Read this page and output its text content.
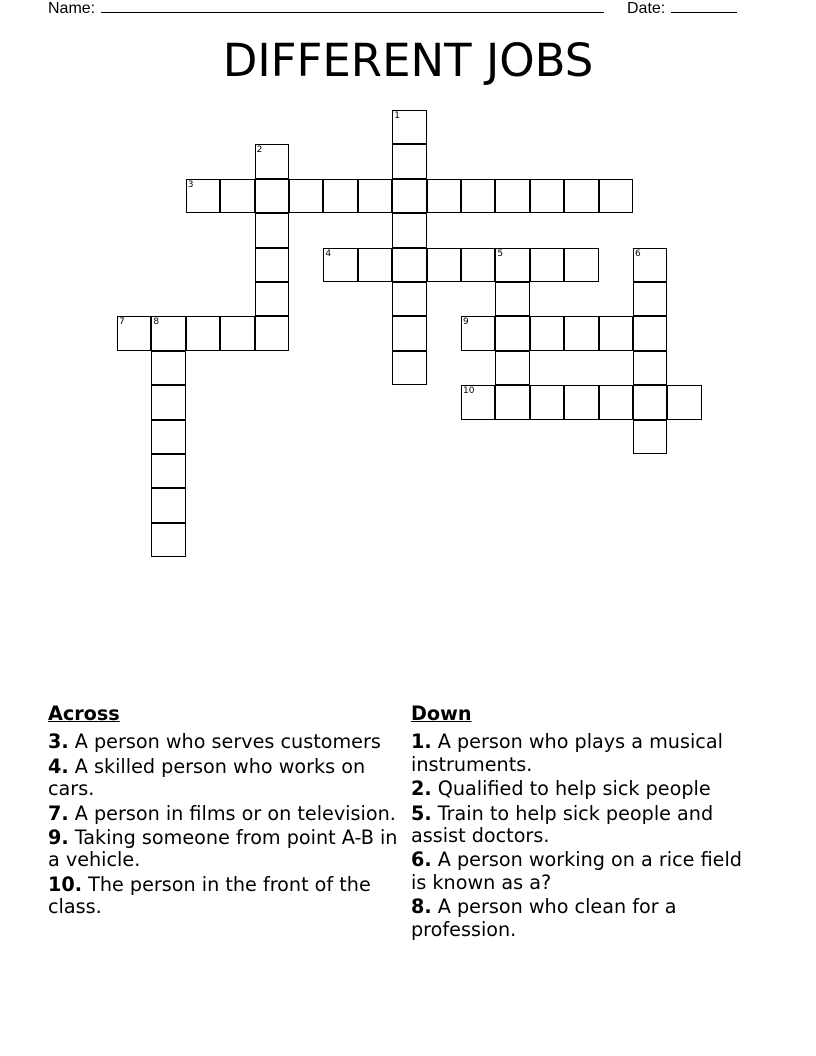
Name:	Date:
DIFFERENT JOBS
1
2
3
4	5	6
7	8	9
10
Across
3. A person who serves customers
4. A skilled person who works on cars.
7. A person in films or on television.
9. Taking someone from point A-B in a vehicle.
10. The person in the front of the class.
Down
1. A person who plays a musical instruments.
2. Qualified to help sick people
5. Train to help sick people and assist doctors.
6. A person working on a rice field is known as a?
8. A person who clean for a profession.
